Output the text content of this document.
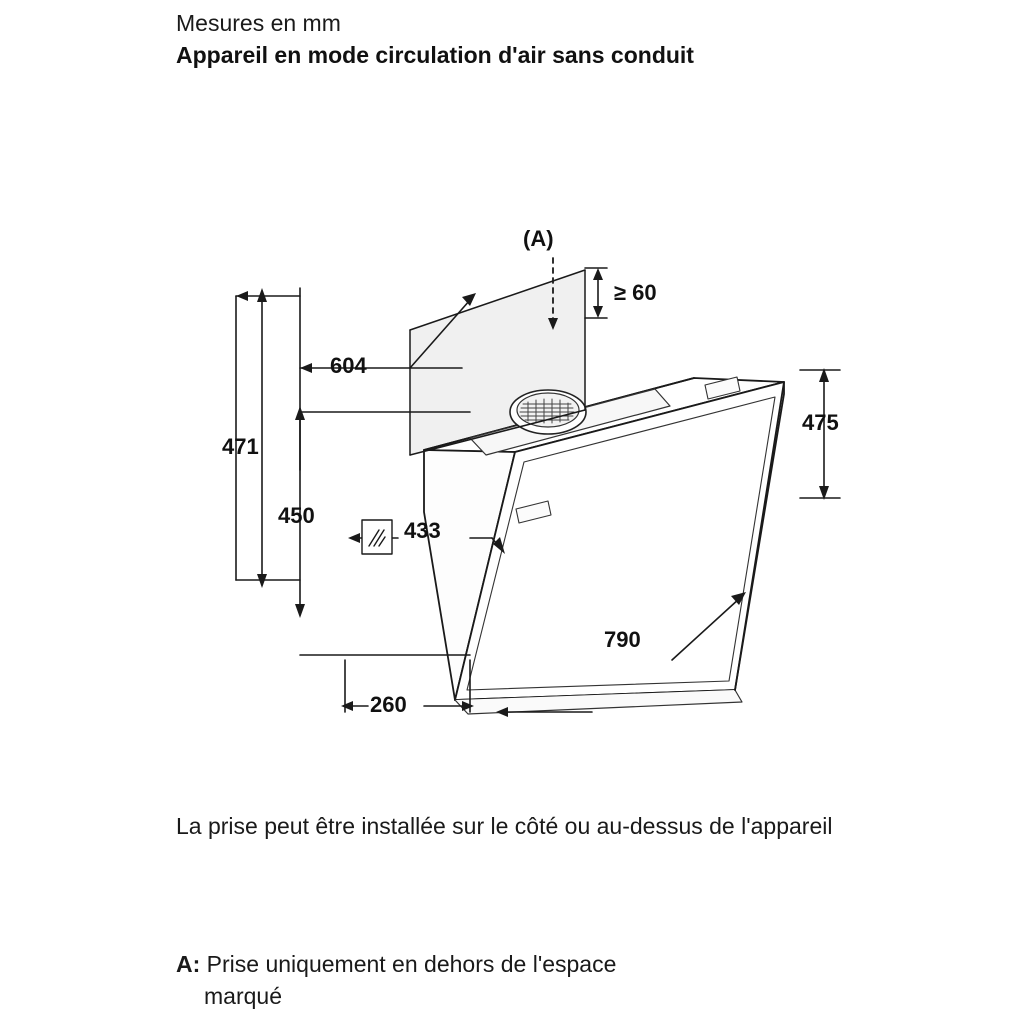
Mesures en mm
Appareil en mode circulation d'air sans conduit
(A)
≥ 60
604
471
450
433
475
790
260
La prise peut être installée sur le côté ou au-dessus de l'appareil
A: Prise uniquement en dehors de l'espace
marqué
